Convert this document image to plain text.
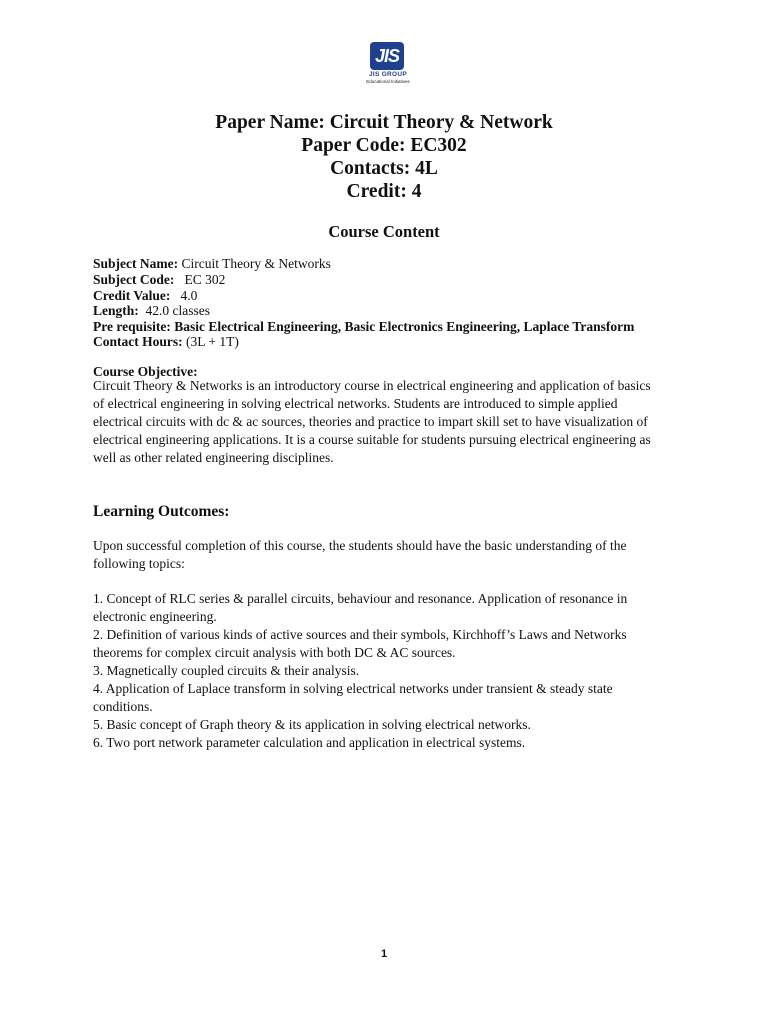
JIS
JIS GROUP
Educational Initiatives
Paper Name: Circuit Theory & Network
Paper Code: EC302
Contacts: 4L
Credit: 4
Course Content
Subject Name: Circuit Theory & Networks
Subject Code:   EC 302
Credit Value:   4.0
Length:  42.0 classes
Pre requisite: Basic Electrical Engineering, Basic Electronics Engineering, Laplace Transform
Contact Hours: (3L + 1T)
Course Objective:
Circuit Theory & Networks is an introductory course in electrical engineering and application of basics of electrical engineering in solving electrical networks. Students are introduced to simple applied electrical circuits with dc & ac sources, theories and practice to impart skill set to have visualization of electrical engineering applications. It is a course suitable for students pursuing electrical engineering as well as other related engineering disciplines.
Learning Outcomes:
Upon successful completion of this course, the students should have the basic understanding of the following topics:
1. Concept of RLC series & parallel circuits, behaviour and resonance. Application of resonance in electronic engineering.
2. Definition of various kinds of active sources and their symbols, Kirchhoff’s Laws and Networks theorems for complex circuit analysis with both DC & AC sources.
3. Magnetically coupled circuits & their analysis.
4. Application of Laplace transform in solving electrical networks under transient & steady state conditions.
5. Basic concept of Graph theory & its application in solving electrical networks.
6. Two port network parameter calculation and application in electrical systems.
1
